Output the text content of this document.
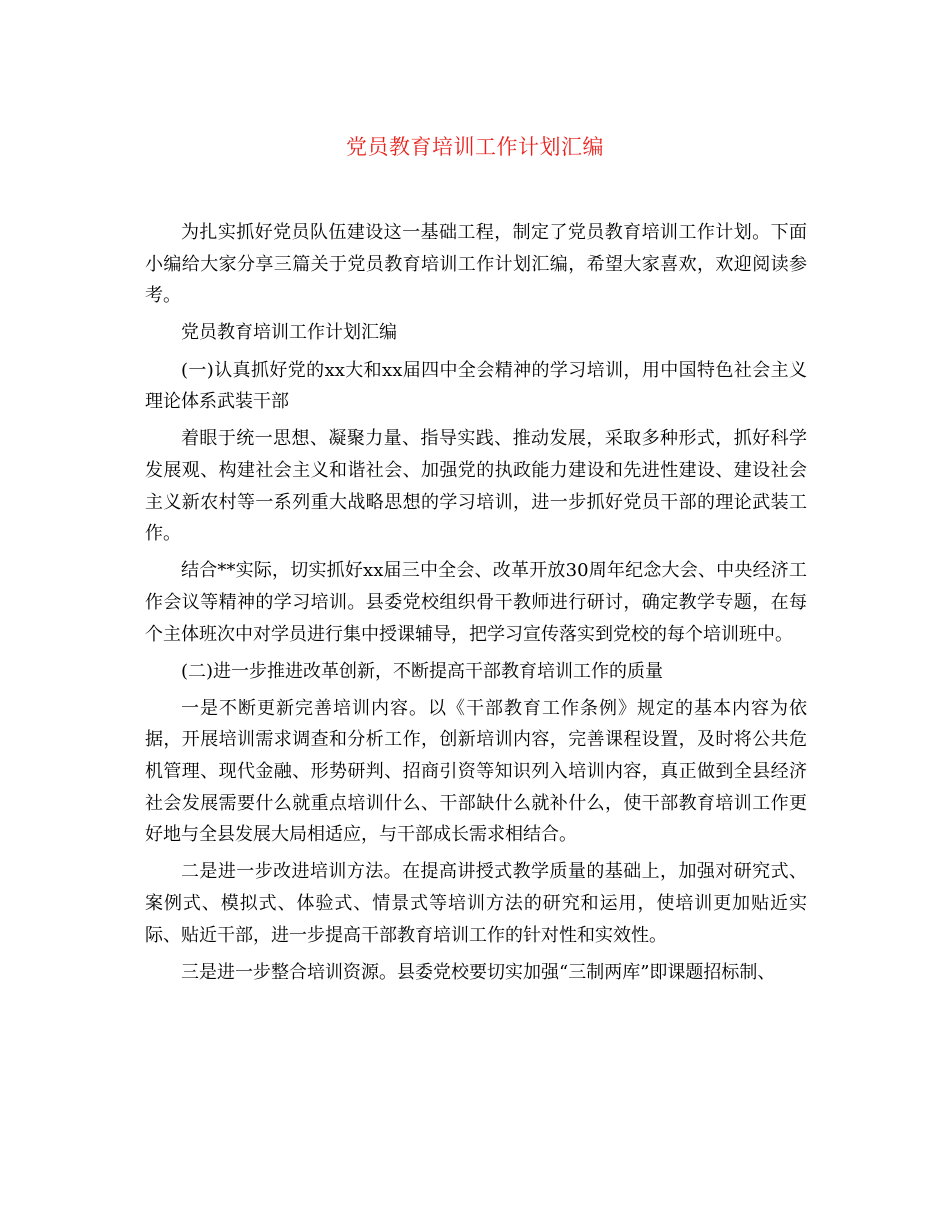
党员教育培训工作计划汇编

为扎实抓好党员队伍建设这一基础工程，制定了党员教育培训工作计划。下面小编给大家分享三篇关于党员教育培训工作计划汇编，希望大家喜欢，欢迎阅读参考。

党员教育培训工作计划汇编

(一)认真抓好党的xx大和xx届四中全会精神的学习培训，用中国特色社会主义理论体系武装干部

着眼于统一思想、凝聚力量、指导实践、推动发展，采取多种形式，抓好科学发展观、构建社会主义和谐社会、加强党的执政能力建设和先进性建设、建设社会主义新农村等一系列重大战略思想的学习培训，进一步抓好党员干部的理论武装工作。

结合**实际，切实抓好xx届三中全会、改革开放30周年纪念大会、中央经济工作会议等精神的学习培训。县委党校组织骨干教师进行研讨，确定教学专题，在每个主体班次中对学员进行集中授课辅导，把学习宣传落实到党校的每个培训班中。

(二)进一步推进改革创新，不断提高干部教育培训工作的质量

一是不断更新完善培训内容。以《干部教育工作条例》规定的基本内容为依据，开展培训需求调查和分析工作，创新培训内容，完善课程设置，及时将公共危机管理、现代金融、形势研判、招商引资等知识列入培训内容，真正做到全县经济社会发展需要什么就重点培训什么、干部缺什么就补什么，使干部教育培训工作更好地与全县发展大局相适应，与干部成长需求相结合。

二是进一步改进培训方法。在提高讲授式教学质量的基础上，加强对研究式、案例式、模拟式、体验式、情景式等培训方法的研究和运用，使培训更加贴近实际、贴近干部，进一步提高干部教育培训工作的针对性和实效性。

三是进一步整合培训资源。县委党校要切实加强“三制两库”即课题招标制、
